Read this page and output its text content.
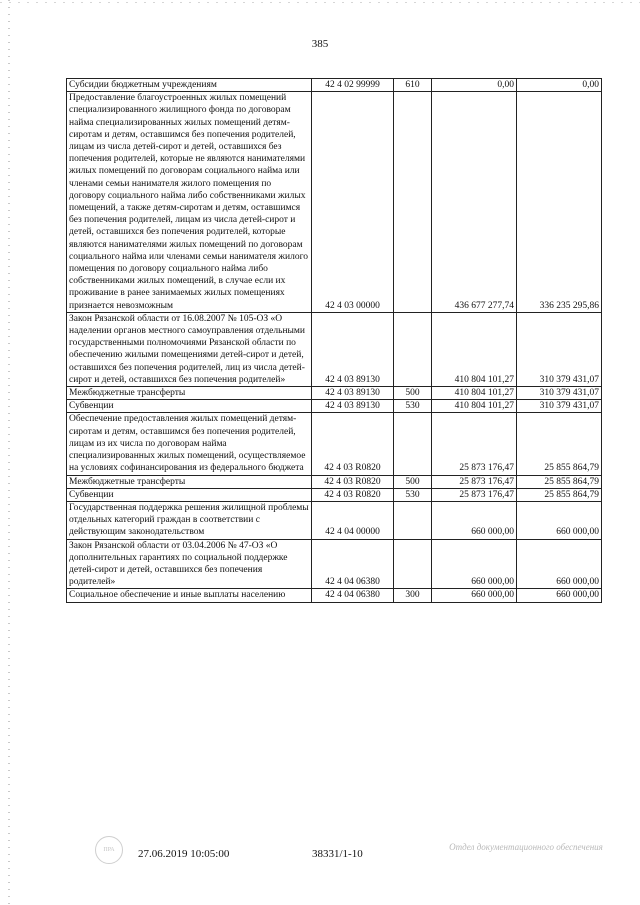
385
Субсидии бюджетным учреждениям	42 4 02 99999	610	0,00	0,00
Предоставление благоустроенных жилых помещений специализированного жилищного фонда по договорам найма специализированных жилых помещений детям-сиротам и детям, оставшимся без попечения родителей, лицам из числа детей-сирот и детей, оставшихся без попечения родителей, которые не являются нанимателями жилых помещений по договорам социального найма или членами семьи нанимателя жилого помещения по договору социального найма либо собственниками жилых помещений, а также детям-сиротам и детям, оставшимся без попечения родителей, лицам из числа детей-сирот и детей, оставшихся без попечения родителей, которые являются нанимателями жилых помещений по договорам социального найма или членами семьи нанимателя жилого помещения по договору социального найма либо собственниками жилых помещений, в случае если их проживание в ранее занимаемых жилых помещениях признается невозможным	42 4 03 00000		436 677 277,74	336 235 295,86
Закон Рязанской области от 16.08.2007 № 105-ОЗ «О наделении органов местного самоуправления отдельными государственными полномочиями Рязанской области по обеспечению жилыми помещениями детей-сирот и детей, оставшихся без попечения родителей, лиц из числа детей-сирот и детей, оставшихся без попечения родителей»	42 4 03 89130		410 804 101,27	310 379 431,07
Межбюджетные трансферты	42 4 03 89130	500	410 804 101,27	310 379 431,07
Субвенции	42 4 03 89130	530	410 804 101,27	310 379 431,07
Обеспечение предоставления жилых помещений детям-сиротам и детям, оставшимся без попечения родителей, лицам из их числа по договорам найма специализированных жилых помещений, осуществляемое на условиях софинансирования из федерального бюджета	42 4 03 R0820		25 873 176,47	25 855 864,79
Межбюджетные трансферты	42 4 03 R0820	500	25 873 176,47	25 855 864,79
Субвенции	42 4 03 R0820	530	25 873 176,47	25 855 864,79
Государственная поддержка решения жилищной проблемы отдельных категорий граждан в соответствии с действующим законодательством	42 4 04 00000		660 000,00	660 000,00
Закон Рязанской области от 03.04.2006 № 47-ОЗ «О дополнительных гарантиях по социальной поддержке детей-сирот и детей, оставшихся без попечения родителей»	42 4 04 06380		660 000,00	660 000,00
Социальное обеспечение и иные выплаты населению	42 4 04 06380	300	660 000,00	660 000,00
ПРА	27.06.2019 10:05:00	38331/1-10
Отдел документационного обеспечения
